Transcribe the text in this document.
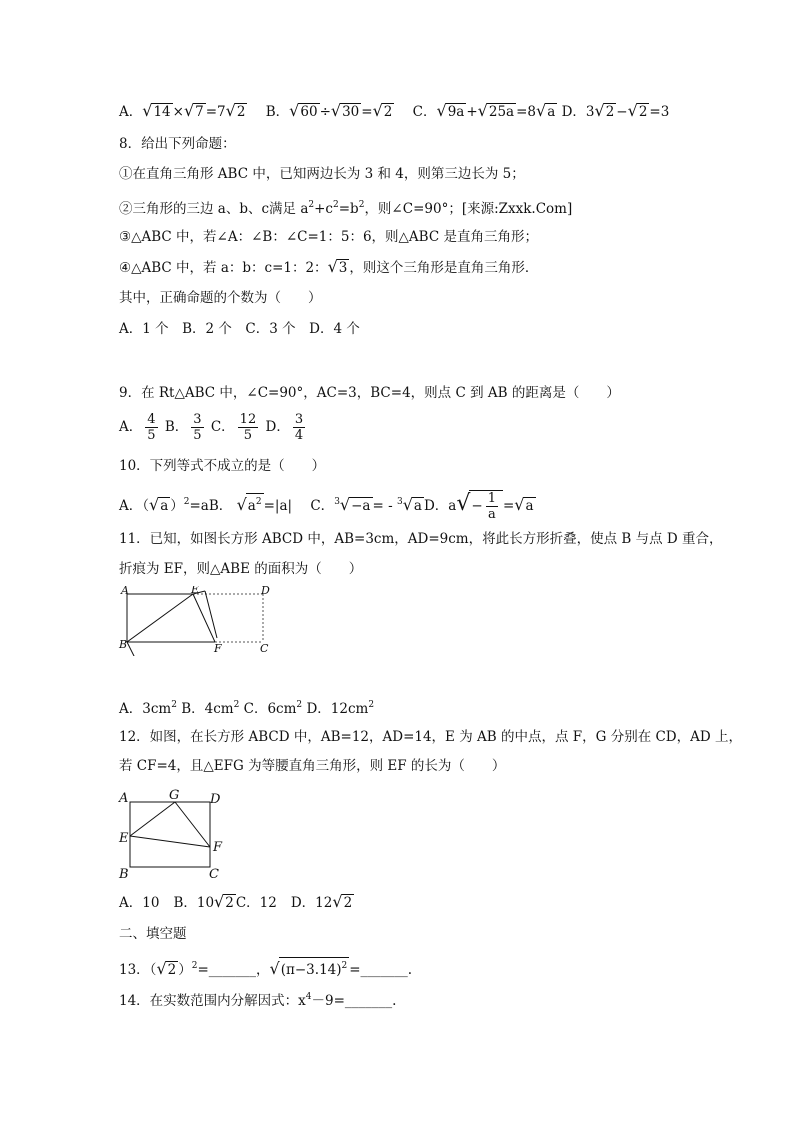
A．√14 ×√7 =7√2 B．√60 ÷√30 =√2 C．√9a +√25a =8√a D．3√2 −√2 =3
8．给出下列命题：
①在直角三角形 ABC 中，已知两边长为 3 和 4，则第三边长为 5；
②三角形的三边 a、b、c满足 $a^2+c^2=b^2$，则∠C=90°；[来源:Zxxk.Com]
③△ABC 中，若∠A：∠B：∠C=1：5：6，则△ABC 是直角三角形；
④△ABC 中，若 a：b：c=1：2：√3 ，则这个三角形是直角三角形．
其中，正确命题的个数为（　　）
A．1 个　B．2 个　C．3 个　D．4 个
9．在 Rt△ABC 中，∠C=90°，AC=3，BC=4，则点 C 到 AB 的距离是（　　）
A． $\frac{4}{5}$ B． $\frac{3}{5}$ C． $\frac{12}{5}$ D． $\frac{3}{4}$
10．下列等式不成立的是（　　）
A．（√a ）$^2$=aB． $√a^2 =|a|$ C．$^3$√−a = - $^3$√a D．$a√- \frac{1}{a} =√a$
11．已知，如图长方形 ABCD 中，AB=3cm，AD=9cm，将此长方形折叠，使点 B 与点 D 重合，
折痕为 EF，则△ABE 的面积为（　　）
A	E	D
B	F	C
A．$3cm^2$ B．$4cm^2$ C．$6cm^2$ D．$12cm^2$
12．如图，在长方形 ABCD 中，AB=12，AD=14，E 为 AB 的中点，点 F，G 分别在 CD，AD 上，
若 CF=4，且△EFG 为等腰直角三角形，则 EF 的长为（　　）
A	G D
E
F
B	C
A．10 B．10√2 C．12 D．12√2
二、填空题
13．（√2 ）$^2$=_______，$√(\pi-3.14)^2$ =_______.
14．在实数范围内分解因式：$x^4-9=\_\_\_\_\_\_\_$.
